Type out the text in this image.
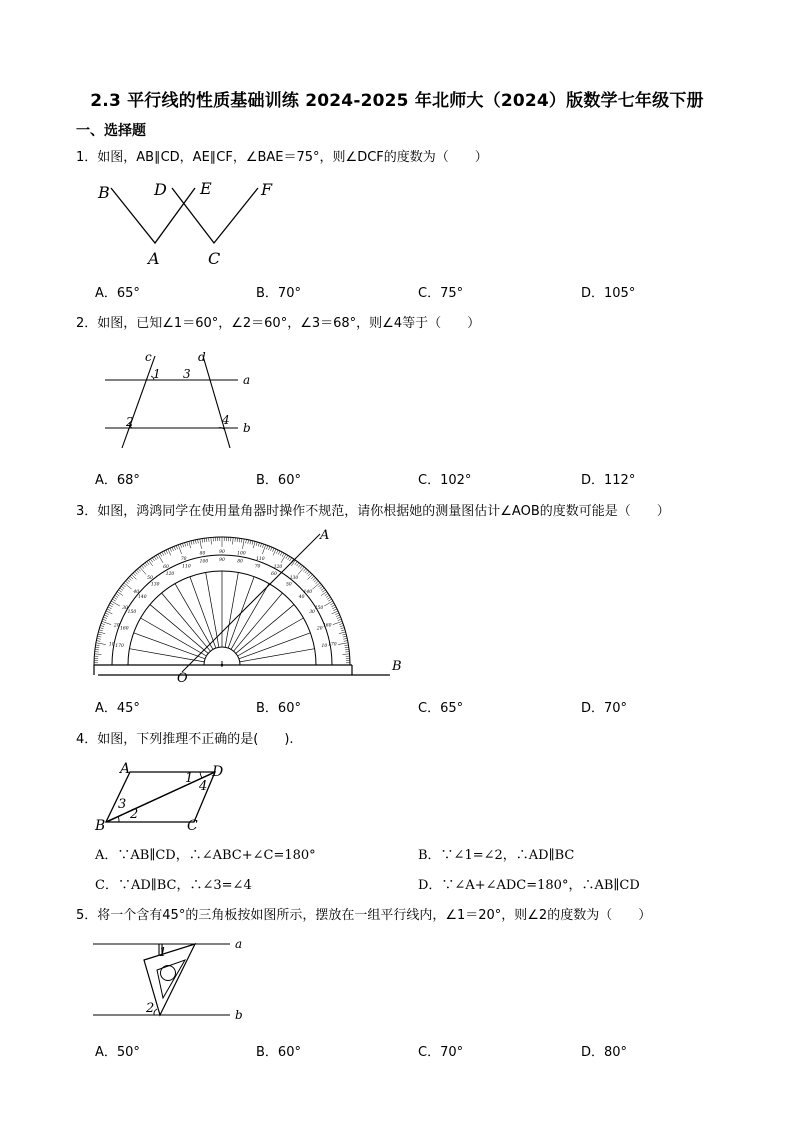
2.3 平行线的性质基础训练 2024-2025 年北师大（2024）版数学七年级下册
一、选择题
1．如图，AB∥CD，AE∥CF，∠BAE＝75°，则∠DCF的度数为（　　）
B	D E	F
A	C
A．65°	B．70°	C．75°	D．105°
2．如图，已知∠1＝60°，∠2＝60°，∠3＝68°，则∠4等于（　　）
c	d
1 3	a
2	4
b
A．68°	B．60°	C．102°	D．112°
3．如图，鸿鸿同学在使用量角器时操作不规范，请你根据她的测量图估计∠AOB的度数可能是（　　）
170
10
160
20
150
30
140
40
130
50
120
60
110
70
100
80
90
90
80
100
70
110
60
120
50
130
40
140
30
150
20
160
10 170
A
O
B
A．45°	B．60°	C．65°	D．70°
4．如图，下列推理不正确的是(　　).
A	D
1
4
3
2
B	C
A．∵AB∥CD，∴∠ABC+∠C=180°	B．∵∠1=∠2，∴AD∥BC
C．∵AD∥BC，∴∠3=∠4	D．∵∠A+∠ADC=180°，∴AB∥CD
5．将一个含有45°的三角板按如图所示，摆放在一组平行线内，∠1＝20°，则∠2的度数为（　　）
1
a
2	b
A．50°	B．60°	C．70°	D．80°
